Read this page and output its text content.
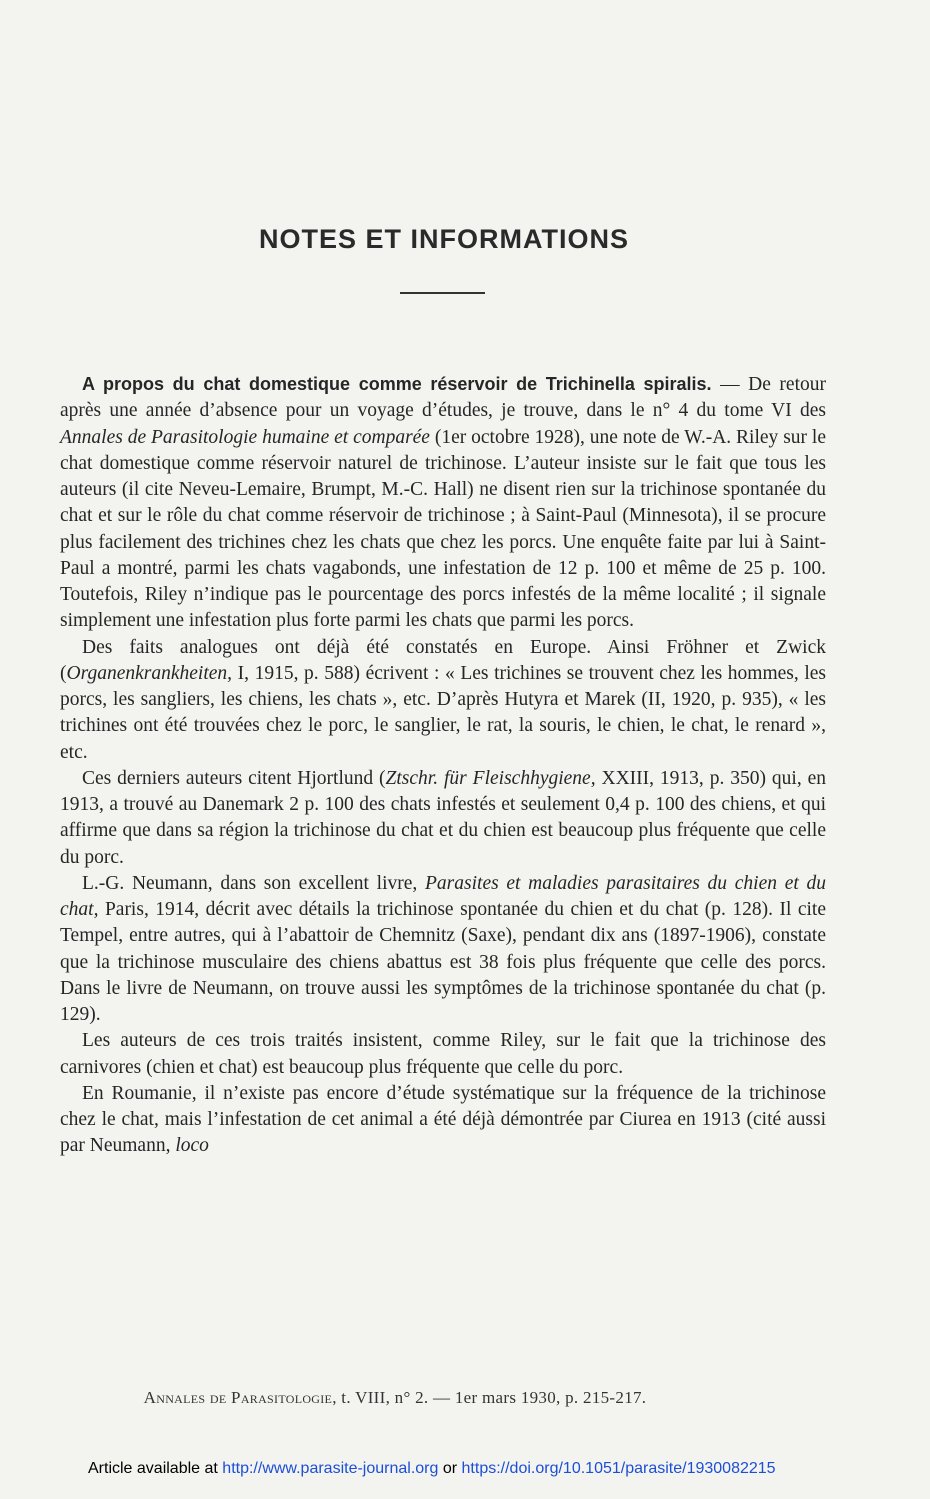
NOTES ET INFORMATIONS

A propos du chat domestique comme réservoir de Trichinella spiralis. — De retour après une année d’absence pour un voyage d’études, je trouve, dans le n° 4 du tome VI des Annales de Parasitologie humaine et comparée (1er octobre 1928), une note de W.-A. Riley sur le chat domestique comme réservoir naturel de trichinose. L’auteur insiste sur le fait que tous les auteurs (il cite Neveu-Lemaire, Brumpt, M.-C. Hall) ne disent rien sur la trichinose spontanée du chat et sur le rôle du chat comme réservoir de trichinose ; à Saint-Paul (Minnesota), il se procure plus facilement des trichines chez les chats que chez les porcs. Une enquête faite par lui à Saint-Paul a montré, parmi les chats vagabonds, une infestation de 12 p. 100 et même de 25 p. 100. Toutefois, Riley n’indique pas le pourcentage des porcs infestés de la même localité ; il signale simplement une infestation plus forte parmi les chats que parmi les porcs.

Des faits analogues ont déjà été constatés en Europe. Ainsi Fröhner et Zwick (Organenkrankheiten, I, 1915, p. 588) écrivent : « Les trichines se trouvent chez les hommes, les porcs, les sangliers, les chiens, les chats », etc. D’après Hutyra et Marek (II, 1920, p. 935), « les trichines ont été trouvées chez le porc, le sanglier, le rat, la souris, le chien, le chat, le renard », etc.

Ces derniers auteurs citent Hjortlund (Ztschr. für Fleischhygiene, XXIII, 1913, p. 350) qui, en 1913, a trouvé au Danemark 2 p. 100 des chats infestés et seulement 0,4 p. 100 des chiens, et qui affirme que dans sa région la trichinose du chat et du chien est beaucoup plus fréquente que celle du porc.

L.-G. Neumann, dans son excellent livre, Parasites et maladies parasitaires du chien et du chat, Paris, 1914, décrit avec détails la trichinose spontanée du chien et du chat (p. 128). Il cite Tempel, entre autres, qui à l’abattoir de Chemnitz (Saxe), pendant dix ans (1897-1906), constate que la trichinose musculaire des chiens abattus est 38 fois plus fréquente que celle des porcs. Dans le livre de Neumann, on trouve aussi les symptômes de la trichinose spontanée du chat (p. 129).

Les auteurs de ces trois traités insistent, comme Riley, sur le fait que la trichinose des carnivores (chien et chat) est beaucoup plus fréquente que celle du porc.

En Roumanie, il n’existe pas encore d’étude systématique sur la fréquence de la trichinose chez le chat, mais l’infestation de cet animal a été déjà démontrée par Ciurea en 1913 (cité aussi par Neumann, loco

Annales de Parasitologie, t. VIII, n° 2. — 1er mars 1930, p. 215-217.
Article available at http://www.parasite-journal.org or https://doi.org/10.1051/parasite/1930082215
